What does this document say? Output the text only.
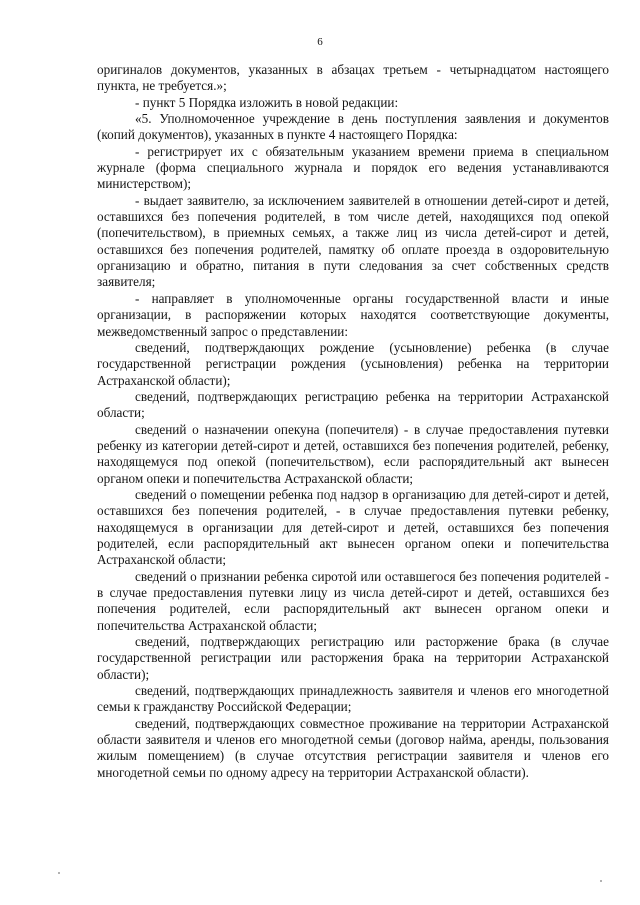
6

оригиналов документов, указанных в абзацах третьем - четырнадцатом настоящего пункта, не требуется.»;

- пункт 5 Порядка изложить в новой редакции:

«5. Уполномоченное учреждение в день поступления заявления и документов (копий документов), указанных в пункте 4 настоящего Порядка:

- регистрирует их с обязательным указанием времени приема в специальном журнале (форма специального журнала и порядок его ведения устанавливаются министерством);

- выдает заявителю, за исключением заявителей в отношении детей-сирот и детей, оставшихся без попечения родителей, в том числе детей, находящихся под опекой (попечительством), в приемных семьях, а также лиц из числа детей-сирот и детей, оставшихся без попечения родителей, памятку об оплате проезда в оздоровительную организацию и обратно, питания в пути следования за счет собственных средств заявителя;

- направляет в уполномоченные органы государственной власти и иные организации, в распоряжении которых находятся соответствующие документы, межведомственный запрос о представлении:

сведений, подтверждающих рождение (усыновление) ребенка (в случае государственной регистрации рождения (усыновления) ребенка на территории Астраханской области);

сведений, подтверждающих регистрацию ребенка на территории Астраханской области;

сведений о назначении опекуна (попечителя) - в случае предоставления путевки ребенку из категории детей-сирот и детей, оставшихся без попечения родителей, ребенку, находящемуся под опекой (попечительством), если распорядительный акт вынесен органом опеки и попечительства Астраханской области;

сведений о помещении ребенка под надзор в организацию для детей-сирот и детей, оставшихся без попечения родителей, - в случае предоставления путевки ребенку, находящемуся в организации для детей-сирот и детей, оставшихся без попечения родителей, если распорядительный акт вынесен органом опеки и попечительства Астраханской области;

сведений о признании ребенка сиротой или оставшегося без попечения родителей - в случае предоставления путевки лицу из числа детей-сирот и детей, оставшихся без попечения родителей, если распорядительный акт вынесен органом опеки и попечительства Астраханской области;

сведений, подтверждающих регистрацию или расторжение брака (в случае государственной регистрации или расторжения брака на территории Астраханской области);

сведений, подтверждающих принадлежность заявителя и членов его многодетной семьи к гражданству Российской Федерации;

сведений, подтверждающих совместное проживание на территории Астраханской области заявителя и членов его многодетной семьи (договор найма, аренды, пользования жилым помещением) (в случае отсутствия регистрации заявителя и членов его многодетной семьи по одному адресу на территории Астраханской области).
